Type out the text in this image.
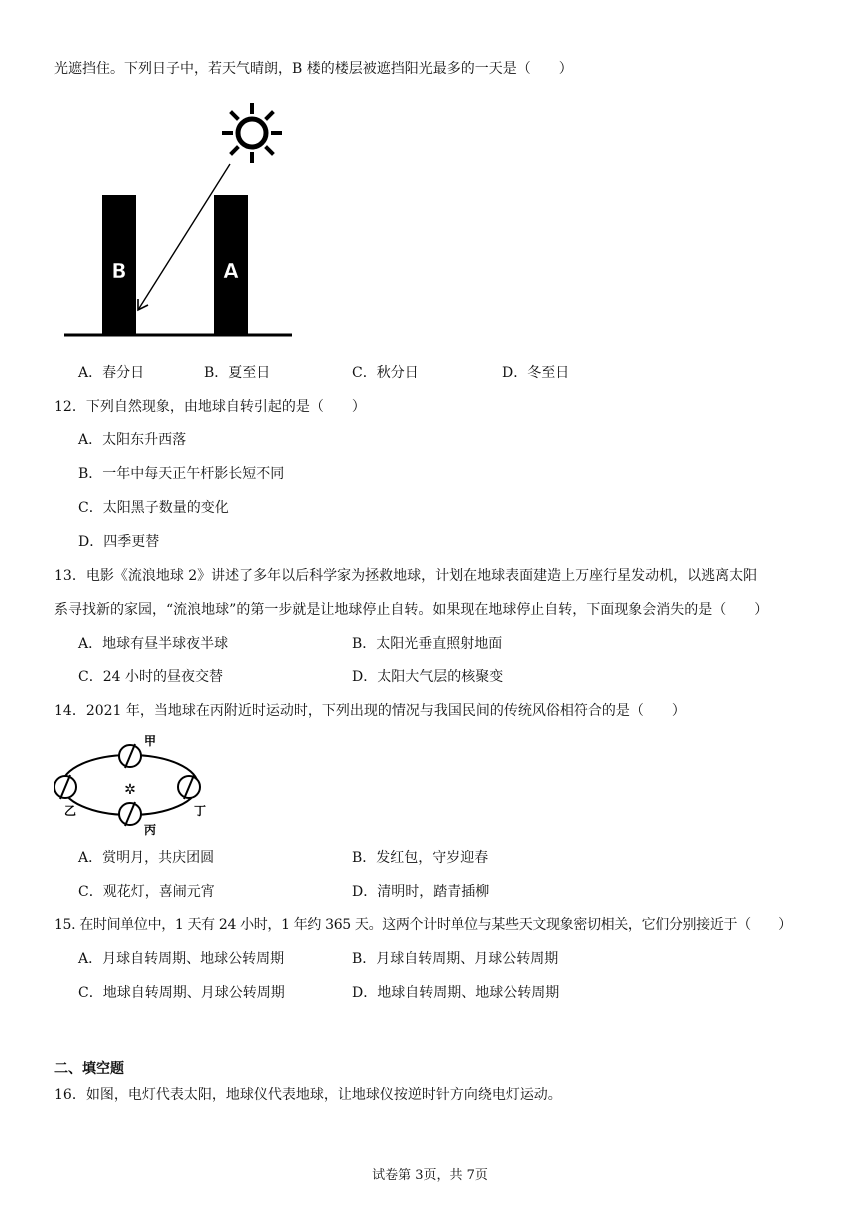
光遮挡住。下列日子中，若天气晴朗，B 楼的楼层被遮挡阳光最多的一天是（　　）
B	A
A．春分日	B．夏至日	C．秋分日	D．冬至日
12．下列自然现象，由地球自转引起的是（　　）
A．太阳东升西落
B．一年中每天正午杆影长短不同
C．太阳黑子数量的变化
D．四季更替
13．电影《流浪地球 2》讲述了多年以后科学家为拯救地球，计划在地球表面建造上万座行星发动机，以逃离太阳
系寻找新的家园，“流浪地球”的第一步就是让地球停止自转。如果现在地球停止自转，下面现象会消失的是（　　）
A．地球有昼半球夜半球	B．太阳光垂直照射地面
C．24 小时的昼夜交替	D．太阳大气层的核聚变
14．2021 年，当地球在丙附近时运动时，下列出现的情况与我国民间的传统风俗相符合的是（　　）
✲
甲
乙
丙
丁
A．赏明月，共庆团圆	B．发红包，守岁迎春
C．观花灯，喜闹元宵	D．清明时，踏青插柳
15. 在时间单位中，1 天有 24 小时，1 年约 365 天。这两个计时单位与某些天文现象密切相关，它们分别接近于（　　）
A．月球自转周期、地球公转周期	B．月球自转周期、月球公转周期
C．地球自转周期、月球公转周期	D．地球自转周期、地球公转周期
二、填空题
16．如图，电灯代表太阳，地球仪代表地球，让地球仪按逆时针方向绕电灯运动。
试卷第 3页，共 7页
